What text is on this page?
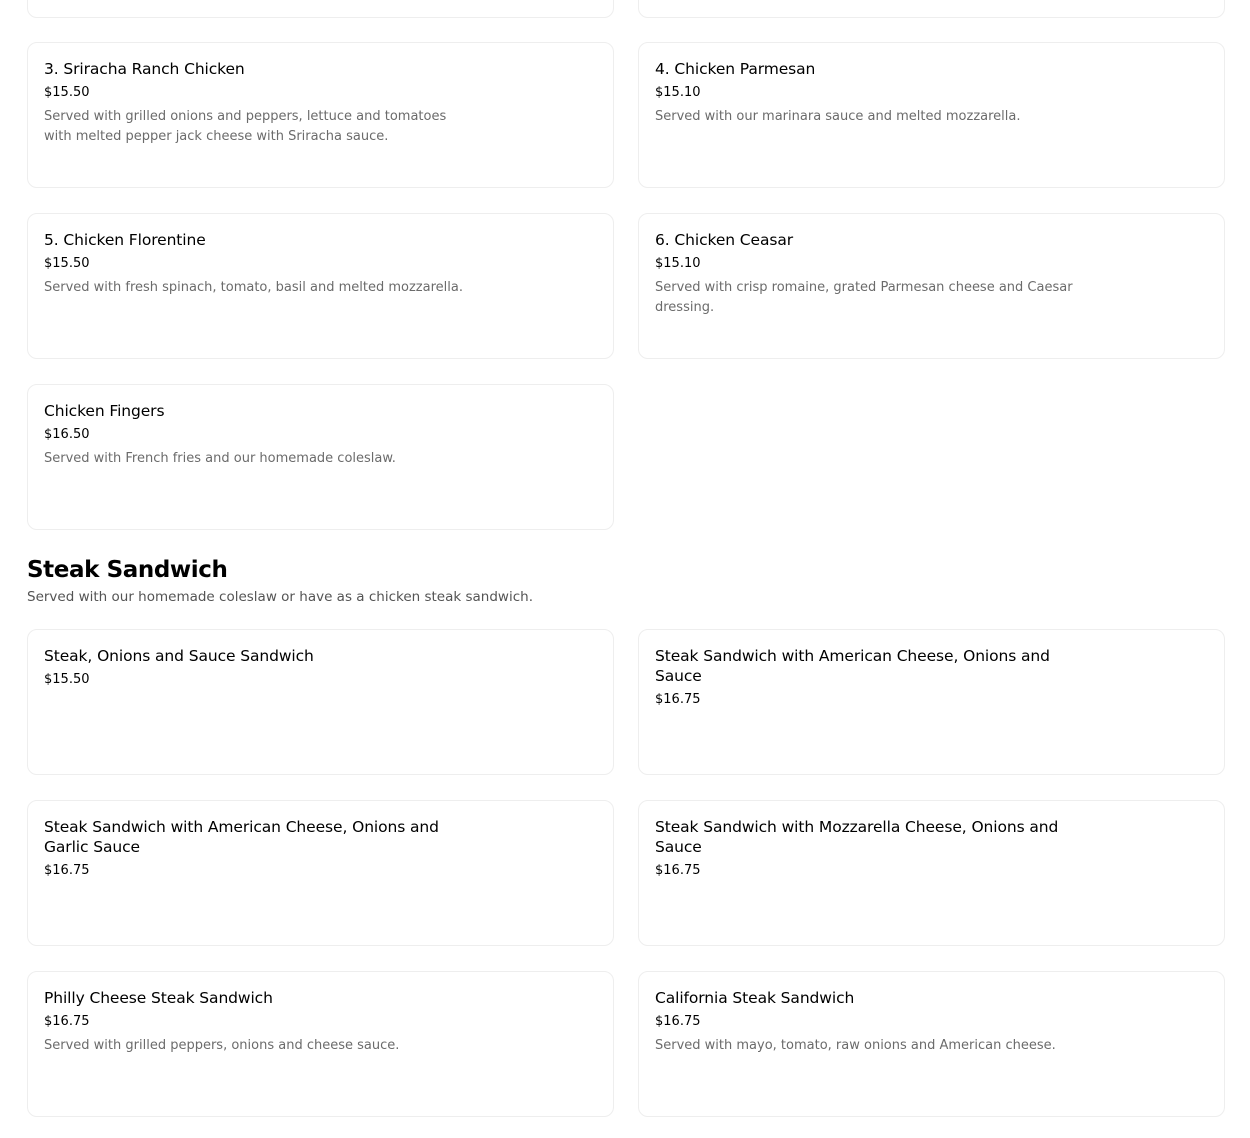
3. Sriracha Ranch Chicken
$15.50
Served with grilled onions and peppers, lettuce and tomatoes with melted pepper jack cheese with Sriracha sauce.
4. Chicken Parmesan
$15.10
Served with our marinara sauce and melted mozzarella.
5. Chicken Florentine
$15.50
Served with fresh spinach, tomato, basil and melted mozzarella.
6. Chicken Ceasar
$15.10
Served with crisp romaine, grated Parmesan cheese and Caesar dressing.
Chicken Fingers
$16.50
Served with French fries and our homemade coleslaw.
Steak Sandwich
Served with our homemade coleslaw or have as a chicken steak sandwich.
Steak, Onions and Sauce Sandwich
$15.50
Steak Sandwich with American Cheese, Onions and Sauce
$16.75
Steak Sandwich with American Cheese, Onions and Garlic Sauce
$16.75
Steak Sandwich with Mozzarella Cheese, Onions and Sauce
$16.75
Philly Cheese Steak Sandwich
$16.75
Served with grilled peppers, onions and cheese sauce.
California Steak Sandwich
$16.75
Served with mayo, tomato, raw onions and American cheese.
